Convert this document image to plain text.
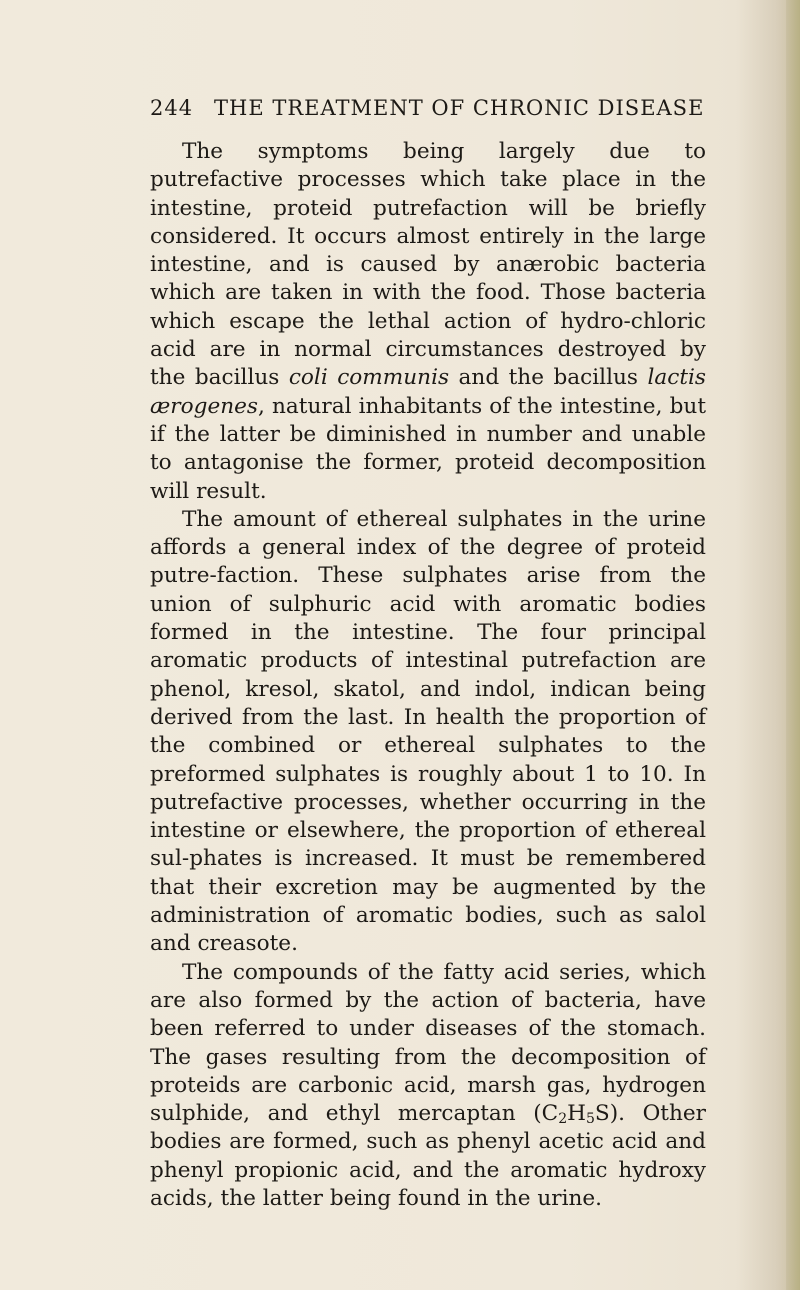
244 THE TREATMENT OF CHRONIC DISEASE

The symptoms being largely due to putrefactive processes which take place in the intestine, proteid putrefaction will be briefly considered. It occurs almost entirely in the large intestine, and is caused by anærobic bacteria which are taken in with the food. Those bacteria which escape the lethal action of hydro-chloric acid are in normal circumstances destroyed by the bacillus coli communis and the bacillus lactis ærogenes, natural inhabitants of the intestine, but if the latter be diminished in number and unable to antagonise the former, proteid decomposition will result.

The amount of ethereal sulphates in the urine affords a general index of the degree of proteid putre-faction. These sulphates arise from the union of sulphuric acid with aromatic bodies formed in the intestine. The four principal aromatic products of intestinal putrefaction are phenol, kresol, skatol, and indol, indican being derived from the last. In health the proportion of the combined or ethereal sulphates to the preformed sulphates is roughly about 1 to 10. In putrefactive processes, whether occurring in the intestine or elsewhere, the proportion of ethereal sul-phates is increased. It must be remembered that their excretion may be augmented by the administration of aromatic bodies, such as salol and creasote.

The compounds of the fatty acid series, which are also formed by the action of bacteria, have been referred to under diseases of the stomach. The gases resulting from the decomposition of proteids are carbonic acid, marsh gas, hydrogen sulphide, and ethyl mercaptan $(C_2H_5S)$. Other bodies are formed, such as phenyl acetic acid and phenyl propionic acid, and the aromatic hydroxy acids, the latter being found in the urine.
